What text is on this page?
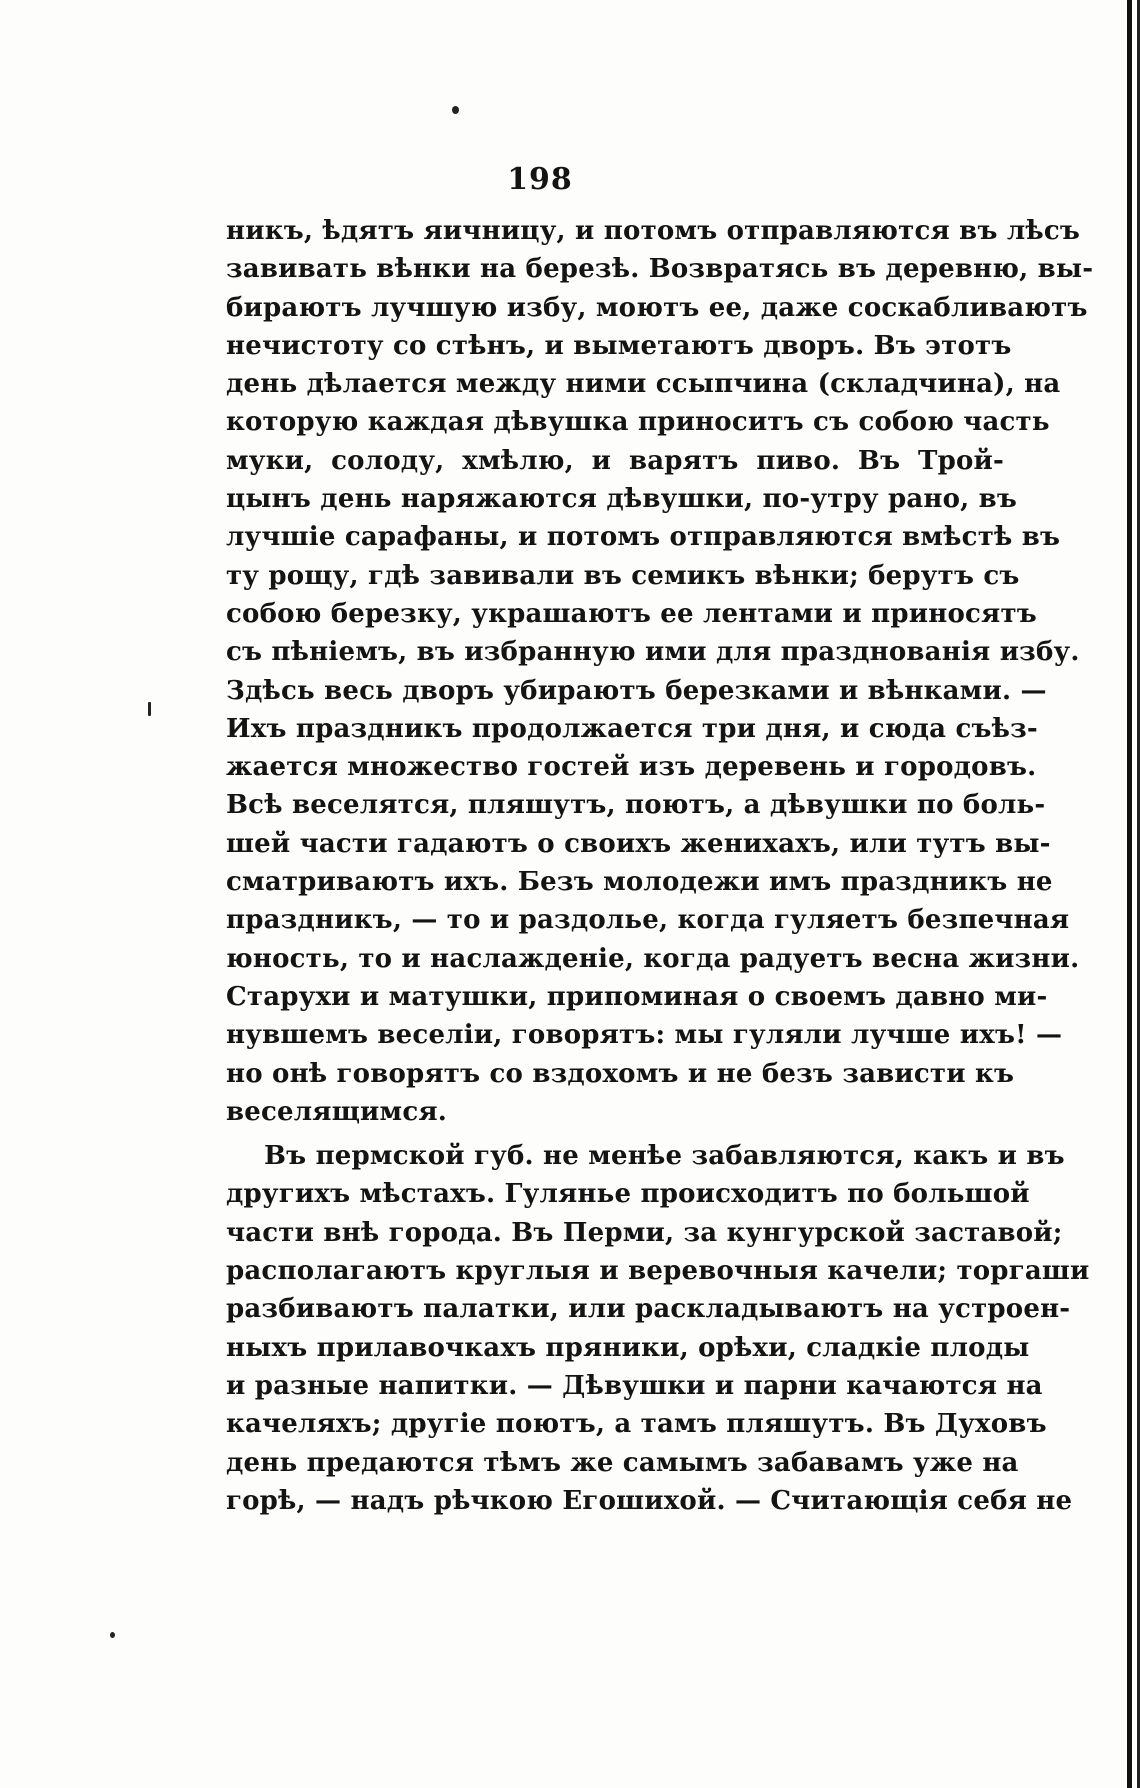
198
никъ, ѣдятъ яичницу, и потомъ отправляются въ лѣсъ
завивать вѣнки на березѣ. Возвратясь въ деревню, вы-
бираютъ лучшую избу, моютъ ее, даже соскабливаютъ
нечистоту со стѣнъ, и выметаютъ дворъ. Въ этотъ
день дѣлается между ними ссыпчина (складчина), на
которую каждая дѣвушка приноситъ съ собою часть
муки, солоду, хмѣлю, и варятъ пиво. Въ Трой-
цынъ день наряжаются дѣвушки, по-утру рано, въ
лучшіе сарафаны, и потомъ отправляются вмѣстѣ въ
ту рощу, гдѣ завивали въ семикъ вѣнки; берутъ съ
собою березку, украшаютъ ее лентами и приносятъ
съ пѣніемъ, въ избранную ими для празднованія избу.
Здѣсь весь дворъ убираютъ березками и вѣнками. —
Ихъ праздникъ продолжается три дня, и сюда съѣз-
жается множество гостей изъ деревень и городовъ.
Всѣ веселятся, пляшутъ, поютъ, а дѣвушки по боль-
шей части гадаютъ о своихъ женихахъ, или тутъ вы-
сматриваютъ ихъ. Безъ молодежи имъ праздникъ не
праздникъ, — то и раздолье, когда гуляетъ безпечная
юность, то и наслажденіе, когда радуетъ весна жизни.
Старухи и матушки, припоминая о своемъ давно ми-
нувшемъ веселіи, говорятъ: мы гуляли лучше ихъ! —
но онѣ говорятъ со вздохомъ и не безъ зависти къ
веселящимся.
Въ пермской губ. не менѣе забавляются, какъ и въ
другихъ мѣстахъ. Гулянье происходитъ по большой
части внѣ города. Въ Перми, за кунгурской заставой;
располагаютъ круглыя и веревочныя качели; торгаши
разбиваютъ палатки, или раскладываютъ на устроен-
ныхъ прилавочкахъ пряники, орѣхи, сладкіе плоды
и разные напитки. — Дѣвушки и парни качаются на
качеляхъ; другіе поютъ, а тамъ пляшутъ. Въ Духовъ
день предаются тѣмъ же самымъ забавамъ уже на
горѣ, — надъ рѣчкою Егошихой. — Считающія себя не
